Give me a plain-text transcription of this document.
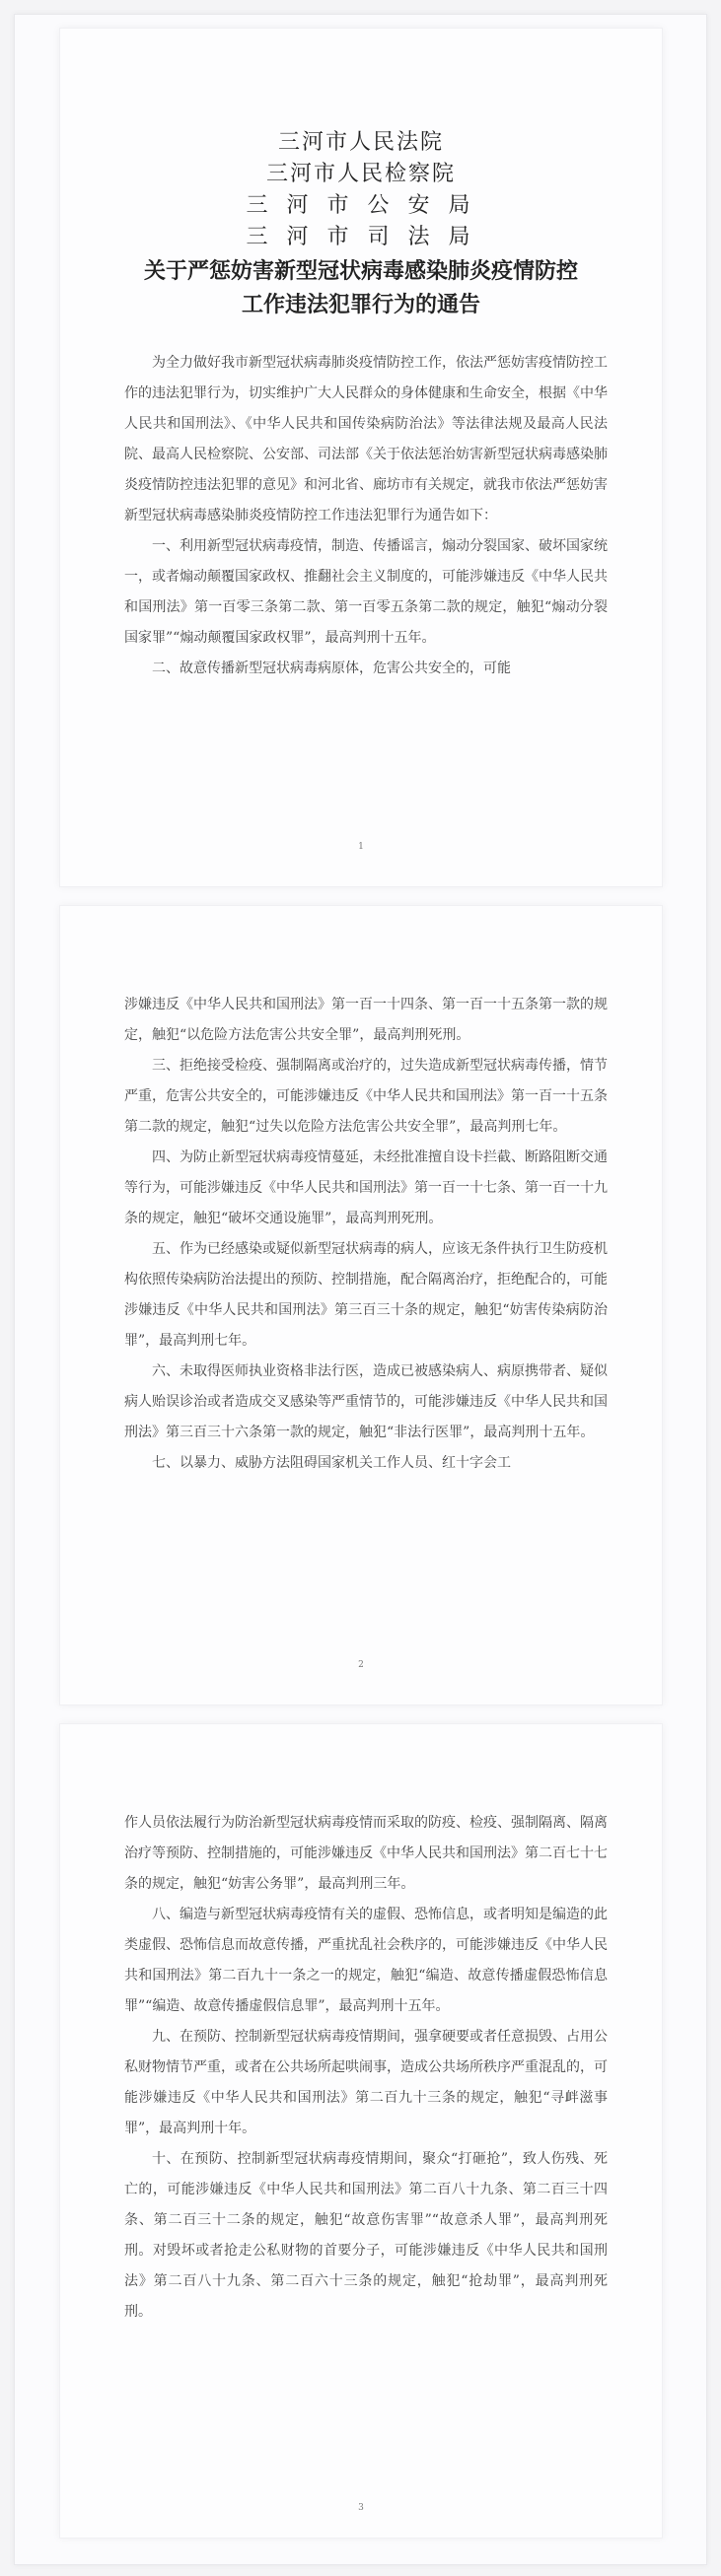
三河市人民法院
三河市人民检察院
三 河 市 公 安 局
三 河 市 司 法 局
关于严惩妨害新型冠状病毒感染肺炎疫情防控
工作违法犯罪行为的通告

为全力做好我市新型冠状病毒肺炎疫情防控工作，依法严惩妨害疫情防控工作的违法犯罪行为，切实维护广大人民群众的身体健康和生命安全，根据《中华人民共和国刑法》、《中华人民共和国传染病防治法》等法律法规及最高人民法院、最高人民检察院、公安部、司法部《关于依法惩治妨害新型冠状病毒感染肺炎疫情防控违法犯罪的意见》和河北省、廊坊市有关规定，就我市依法严惩妨害新型冠状病毒感染肺炎疫情防控工作违法犯罪行为通告如下：

一、利用新型冠状病毒疫情，制造、传播谣言，煽动分裂国家、破坏国家统一，或者煽动颠覆国家政权、推翻社会主义制度的，可能涉嫌违反《中华人民共和国刑法》第一百零三条第二款、第一百零五条第二款的规定，触犯“煽动分裂国家罪”“煽动颠覆国家政权罪”，最高判刑十五年。

二、故意传播新型冠状病毒病原体，危害公共安全的，可能

1

涉嫌违反《中华人民共和国刑法》第一百一十四条、第一百一十五条第一款的规定，触犯“以危险方法危害公共安全罪”，最高判刑死刑。

三、拒绝接受检疫、强制隔离或治疗的，过失造成新型冠状病毒传播，情节严重，危害公共安全的，可能涉嫌违反《中华人民共和国刑法》第一百一十五条第二款的规定，触犯“过失以危险方法危害公共安全罪”，最高判刑七年。

四、为防止新型冠状病毒疫情蔓延，未经批准擅自设卡拦截、断路阻断交通等行为，可能涉嫌违反《中华人民共和国刑法》第一百一十七条、第一百一十九条的规定，触犯“破坏交通设施罪”，最高判刑死刑。

五、作为已经感染或疑似新型冠状病毒的病人，应该无条件执行卫生防疫机构依照传染病防治法提出的预防、控制措施，配合隔离治疗，拒绝配合的，可能涉嫌违反《中华人民共和国刑法》第三百三十条的规定，触犯“妨害传染病防治罪”，最高判刑七年。

六、未取得医师执业资格非法行医，造成已被感染病人、病原携带者、疑似病人贻误诊治或者造成交叉感染等严重情节的，可能涉嫌违反《中华人民共和国刑法》第三百三十六条第一款的规定，触犯“非法行医罪”，最高判刑十五年。

七、以暴力、威胁方法阻碍国家机关工作人员、红十字会工

2

作人员依法履行为防治新型冠状病毒疫情而采取的防疫、检疫、强制隔离、隔离治疗等预防、控制措施的，可能涉嫌违反《中华人民共和国刑法》第二百七十七条的规定，触犯“妨害公务罪”，最高判刑三年。

八、编造与新型冠状病毒疫情有关的虚假、恐怖信息，或者明知是编造的此类虚假、恐怖信息而故意传播，严重扰乱社会秩序的，可能涉嫌违反《中华人民共和国刑法》第二百九十一条之一的规定，触犯“编造、故意传播虚假恐怖信息罪”“编造、故意传播虚假信息罪”，最高判刑十五年。

九、在预防、控制新型冠状病毒疫情期间，强拿硬要或者任意损毁、占用公私财物情节严重，或者在公共场所起哄闹事，造成公共场所秩序严重混乱的，可能涉嫌违反《中华人民共和国刑法》第二百九十三条的规定，触犯“寻衅滋事罪”，最高判刑十年。

十、在预防、控制新型冠状病毒疫情期间，聚众“打砸抢”，致人伤残、死亡的，可能涉嫌违反《中华人民共和国刑法》第二百八十九条、第二百三十四条、第二百三十二条的规定，触犯“故意伤害罪”“故意杀人罪”，最高判刑死刑。对毁坏或者抢走公私财物的首要分子，可能涉嫌违反《中华人民共和国刑法》第二百八十九条、第二百六十三条的规定，触犯“抢劫罪”，最高判刑死刑。

3
